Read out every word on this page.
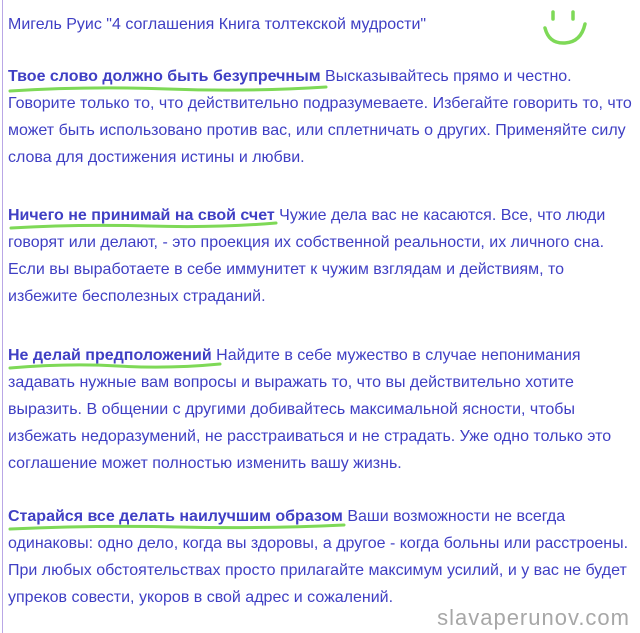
Мигель Руис "4 соглашения Книга толтекской мудрости"

Твое слово должно быть безупречным Высказывайтесь прямо и честно. Говорите только то, что действительно подразумеваете. Избегайте говорить то, что может быть использовано против вас, или сплетничать о других. Применяйте силу слова для достижения истины и любви.

Ничего не принимай на свой счет Чужие дела вас не касаются. Все, что люди говорят или делают, - это проекция их собственной реальности, их личного сна. Если вы выработаете в себе иммунитет к чужим взглядам и действиям, то избежите бесполезных страданий.

Не делай предположений Найдите в себе мужество в случае непонимания задавать нужные вам вопросы и выражать то, что вы действительно хотите выразить. В общении с другими добивайтесь максимальной ясности, чтобы избежать недоразумений, не расстраиваться и не страдать. Уже одно только это соглашение может полностью изменить вашу жизнь.

Старайся все делать наилучшим образом Ваши возможности не всегда одинаковы: одно дело, когда вы здоровы, а другое - когда больны или расстроены. При любых обстоятельствах просто прилагайте максимум усилий, и у вас не будет упреков совести, укоров в свой адрес и сожалений.

slavaperunov.com
